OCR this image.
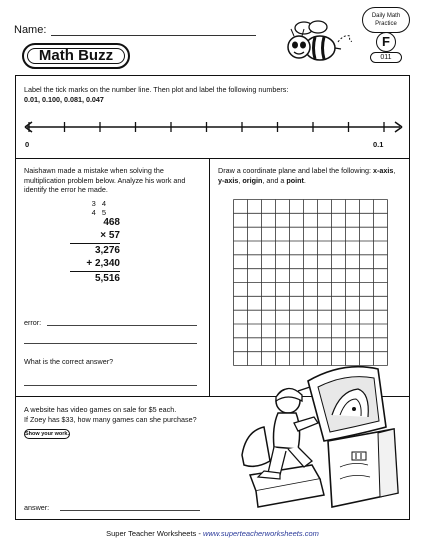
Name:
Math Buzz
Daily Math
Practice
F
011
Label the tick marks on the number line. Then plot and label the following numbers:
0.01, 0.100, 0.081, 0.047
0	0.1
Naishawn made a mistake when solving the multiplication problem below. Analyze his work and identify the error he made.
3 4
4 5
468
× 57
3,276
+ 2,340
5,516
error:
What is the correct answer?
Draw a coordinate plane and label the following: x-axis, y-axis, origin, and a point.
A website has video games on sale for $5 each.
If Zoey has $33, how many games can she purchase?
Show your work.
answer:
Super Teacher Worksheets - www.superteacherworksheets.com
